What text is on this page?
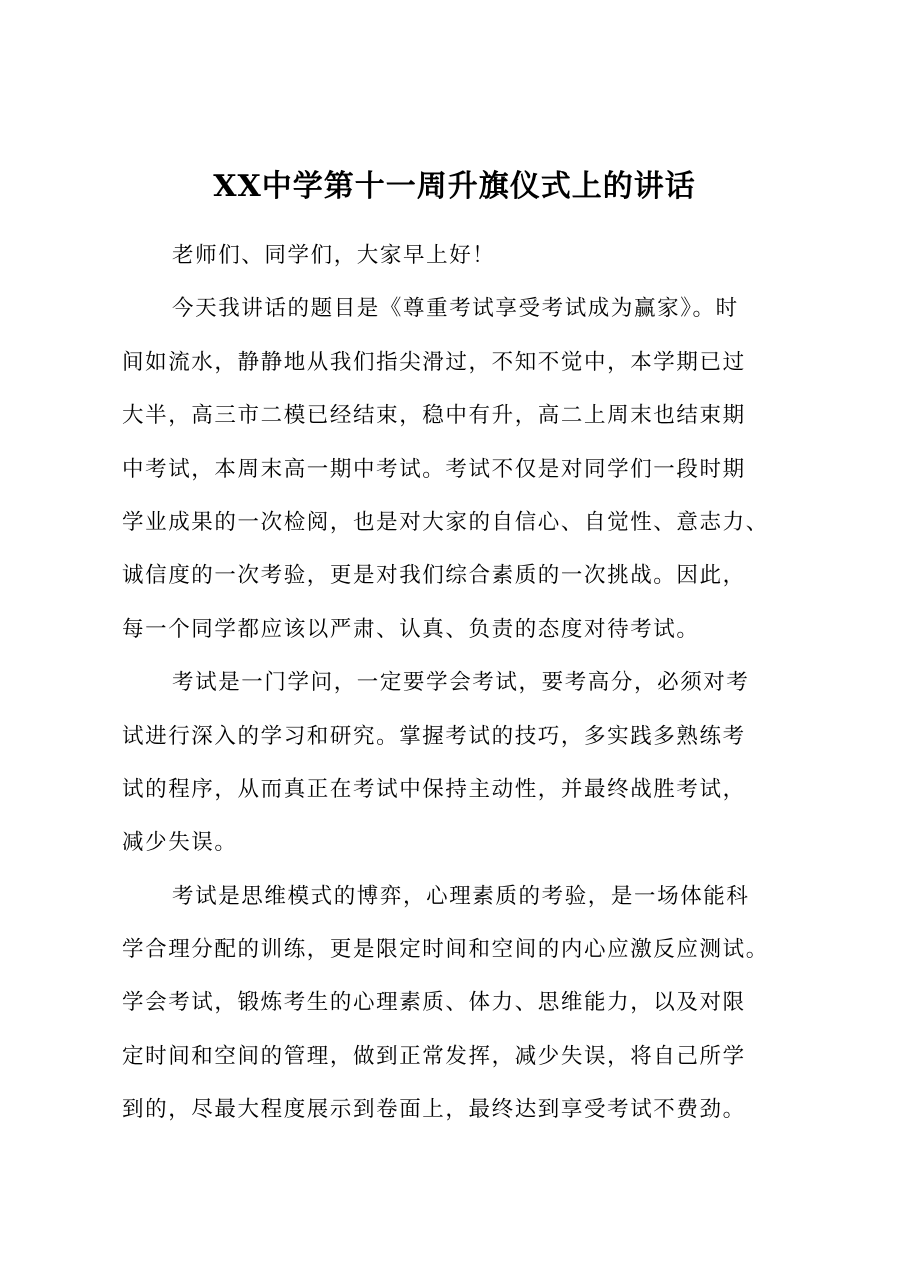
XX中学第十一周升旗仪式上的讲话
老师们、同学们，大家早上好！
今天我讲话的题目是《尊重考试享受考试成为赢家》。时
间如流水，静静地从我们指尖滑过，不知不觉中，本学期已过
大半，高三市二模已经结束，稳中有升，高二上周末也结束期
中考试，本周末高一期中考试。考试不仅是对同学们一段时期
学业成果的一次检阅，也是对大家的自信心、自觉性、意志力、
诚信度的一次考验，更是对我们综合素质的一次挑战。因此，
每一个同学都应该以严肃、认真、负责的态度对待考试。
考试是一门学问，一定要学会考试，要考高分，必须对考
试进行深入的学习和研究。掌握考试的技巧，多实践多熟练考
试的程序，从而真正在考试中保持主动性，并最终战胜考试，
减少失误。
考试是思维模式的博弈，心理素质的考验，是一场体能科
学合理分配的训练，更是限定时间和空间的内心应激反应测试。
学会考试，锻炼考生的心理素质、体力、思维能力，以及对限
定时间和空间的管理，做到正常发挥，减少失误，将自己所学
到的，尽最大程度展示到卷面上，最终达到享受考试不费劲。
